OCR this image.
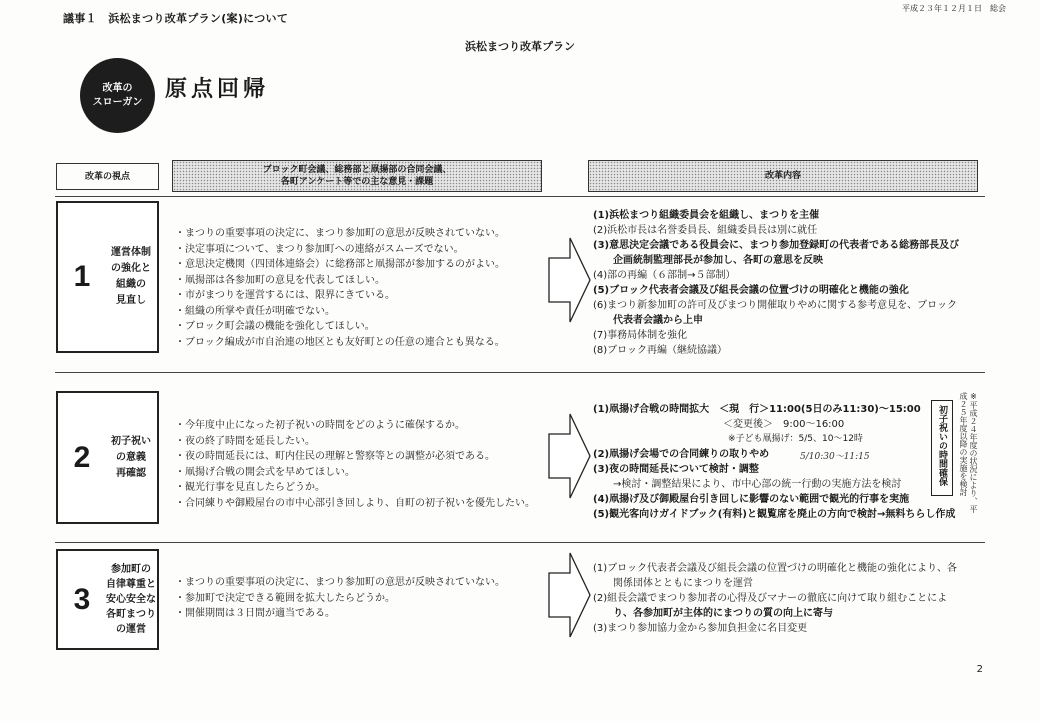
議事１　浜松まつり改革プラン(案)について
平成２３年１２月１日　総会
浜松まつり改革プラン
改革の
スローガン 原点回帰
改革の視点
ブロック町会議、総務部と凧揚部の合同会議、
各町アンケート等での主な意見・課題
改革内容
1
運営体制
の強化と
組織の
見直し
・ まつりの重要事項の決定に、まつり参加町の意思が反映されていない。
・ 決定事項について、まつり参加町への連絡がスムーズでない。
・ 意思決定機関（四団体連絡会）に総務部と凧揚部が参加するのがよい。
・ 凧揚部は各参加町の意見を代表してほしい。
・ 市がまつりを運営するには、限界にきている。
・ 組織の所掌や責任が明確でない。
・ ブロック町会議の機能を強化してほしい。
・ ブロック編成が市自治連の地区とも友好町との任意の連合とも異なる。
(1)浜松まつり組織委員会を組織し、まつりを主催
(2)浜松市長は名誉委員長、組織委員長は別に就任
(3)意思決定会議である役員会に、まつり参加登録町の代表者である総務部長及び
　　企画統制監理部長が参加し、各町の意思を反映
(4)部の再編（６部制→５部制）
(5)ブロック代表者会議及び組長会議の位置づけの明確化と機能の強化
(6)まつり新参加町の許可及びまつり開催取りやめに関する参考意見を、ブロック
　　代表者会議から上申
(7)事務局体制を強化
(8)ブロック再編（継続協議）
2	初子祝い
の意義
再確認
・ 今年度中止になった初子祝いの時間をどのように確保するか。
・ 夜の終了時間を延長したい。
・ 夜の時間延長には、町内住民の理解と警察等との調整が必須である。
・ 凧揚げ合戦の開会式を早めてほしい。
・ 観光行事を見直したらどうか。
・ 合同練りや御殿屋台の市中心部引き回しより、自町の初子祝いを優先したい。
(1)凧揚げ合戦の時間拡大　＜現　行＞11:00(5日のみ11:30)～15:00
　　　　　　　　　　　　　＜変更後＞　9:00～16:00
　　　　　　　　　　　　　　　※子ども凧揚げ：5/5、10～12時
(2)凧揚げ会場での合同練りの取りやめ
(3)夜の時間延長について検討・調整
　　→検討・調整結果により、市中心部の統一行動の実施方法を検討
(4)凧揚げ及び御殿屋台引き回しに影響のない範囲で観光的行事を実施
(5)観光客向けガイドブック(有料)と観覧席を廃止の方向で検討→無料ちらし作成
5/10:30～11:15	初子祝いの時間確保	※平成２４年度の状況により、平成２５年度以降の実施を検討
3
参加町の
自律尊重と
安心安全な
各町まつり
の運営
・ まつりの重要事項の決定に、まつり参加町の意思が反映されていない。
・ 参加町で決定できる範囲を拡大したらどうか。
・ 開催期間は３日間が適当である。
(1)ブロック代表者会議及び組長会議の位置づけの明確化と機能の強化により、各
　　関係団体とともにまつりを運営
(2)組長会議でまつり参加者の心得及びマナーの徹底に向けて取り組むことによ
　　り、各参加町が主体的にまつりの質の向上に寄与
(3)まつり参加協力金から参加負担金に名目変更
2
